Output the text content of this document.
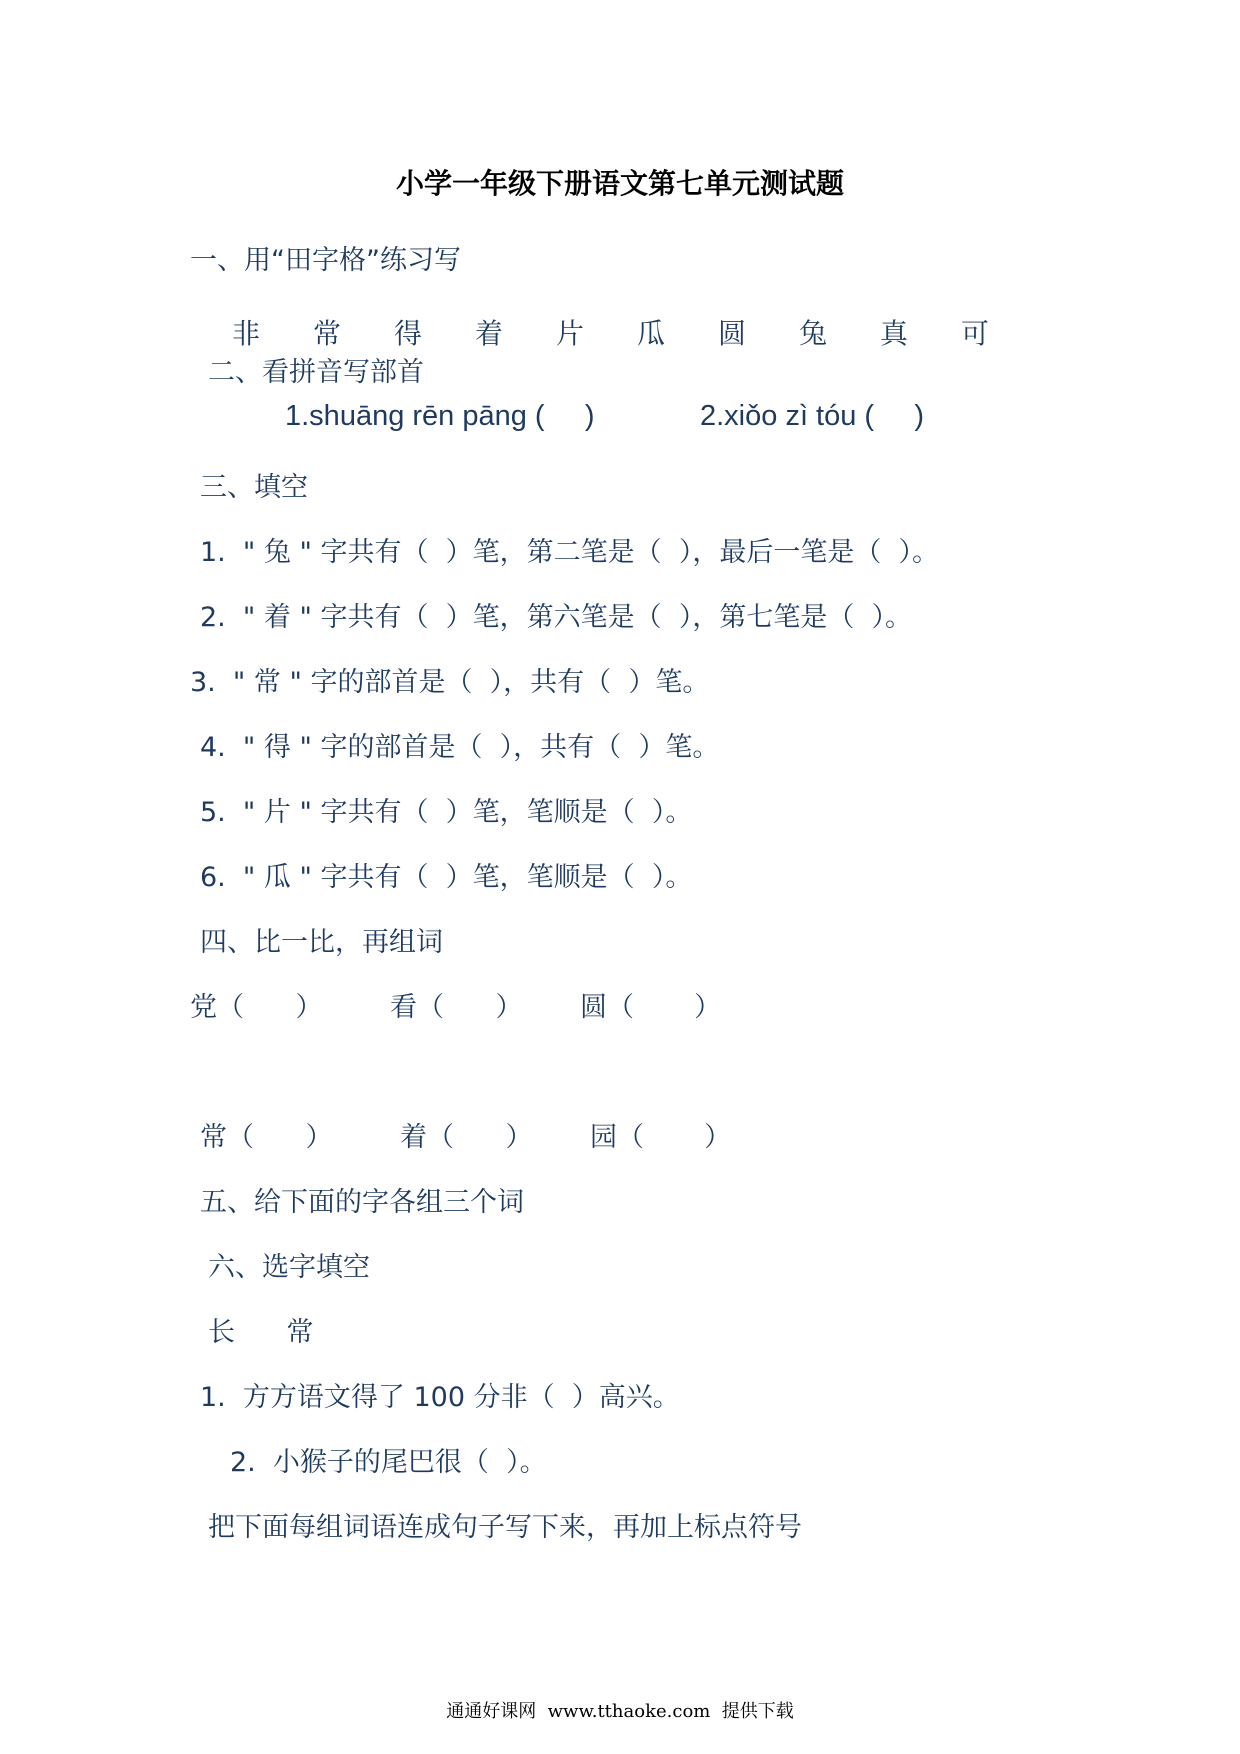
小学一年级下册语文第七单元测试题
一、用“田字格”练习写
非	常	得	着	片	瓜	圆	兔	真	可
二、看拼音写部首
1.shuānɡ rēn pānɡ (     )	2.xiǒo zì tóu (     )
三、填空
1.  " 兔 " 字共有（  ）笔，第二笔是（  ），最后一笔是（  ）。
2.  " 着 " 字共有（  ）笔，第六笔是（  ），第七笔是（  ）。
3.  " 常 " 字的部首是（  ），共有（  ）笔。
4.  " 得 " 字的部首是（  ），共有（  ）笔。
5.  " 片 " 字共有（  ）笔，笔顺是（  ）。
6.  " 瓜 " 字共有（  ）笔，笔顺是（  ）。
四、比一比，再组词
党（      ）	看（      ） 圆（       ）
常（      ）	着（      ） 园（       ）
五、给下面的字各组三个词
六、选字填空
长      常
1.  方方语文得了 100 分非（  ）高兴。
2.  小猴子的尾巴很（  ）。
把下面每组词语连成句子写下来，再加上标点符号
通通好课网  www.tthaoke.com  提供下载
